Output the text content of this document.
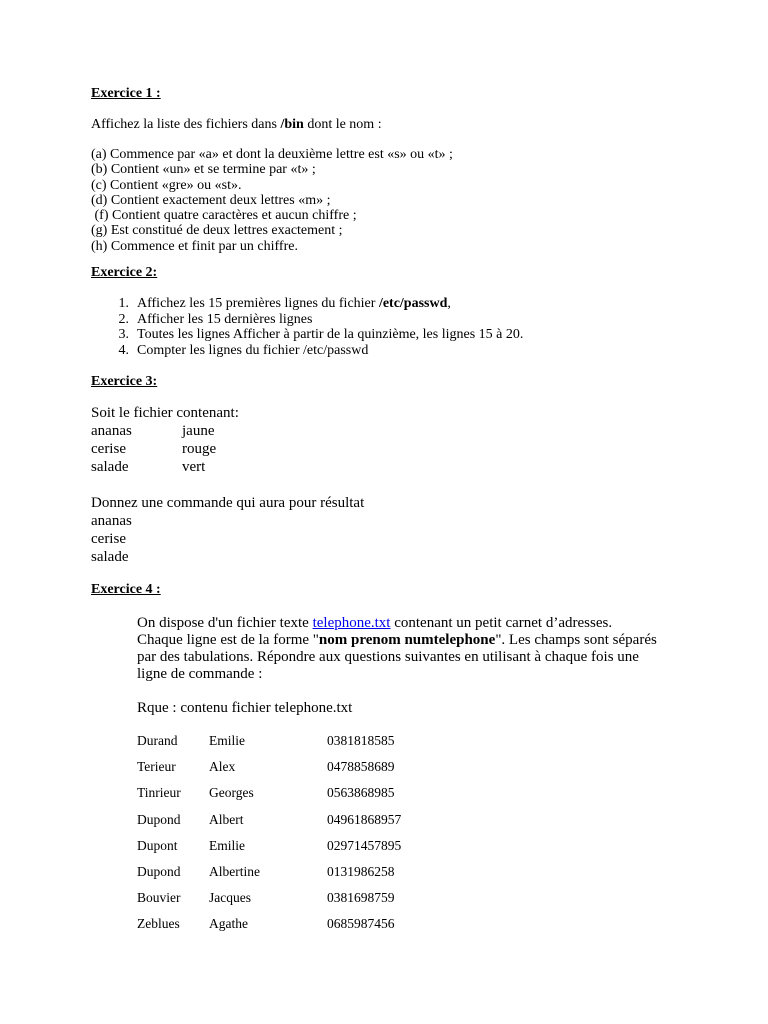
Exercice 1 :
Affichez la liste des fichiers dans /bin dont le nom :
(a) Commence par «a» et dont la deuxième lettre est «s» ou «t» ;
(b) Contient «un» et se termine par «t» ;
(c) Contient «gre» ou «st».
(d) Contient exactement deux lettres «m» ;
(f) Contient quatre caractères et aucun chiffre ;
(g) Est constitué de deux lettres exactement ;
(h) Commence et finit par un chiffre.
Exercice 2:
1. Affichez les 15 premières lignes du fichier /etc/passwd,
2. Afficher les 15 dernières lignes
3. Toutes les lignes Afficher à partir de la quinzième, les lignes 15 à 20.
4. Compter les lignes du fichier /etc/passwd
Exercice 3:
Soit le fichier contenant:
ananas	jaune
cerise	rouge
salade	vert
Donnez une commande qui aura pour résultat
ananas
cerise
salade
Exercice 4 :
On dispose d'un fichier texte telephone.txt contenant un petit carnet d’adresses.
Chaque ligne est de la forme "nom prenom numtelephone". Les champs sont séparés
par des tabulations. Répondre aux questions suivantes en utilisant à chaque fois une
ligne de commande :
Rque : contenu fichier telephone.txt
Durand Emilie	0381818585
Terieur Alex	0478858689
Tinrieur Georges	0563868985
Dupond Albert	04961868957
Dupont Emilie	02971457895
Dupond Albertine	0131986258
Bouvier Jacques	0381698759
Zeblues Agathe	0685987456
